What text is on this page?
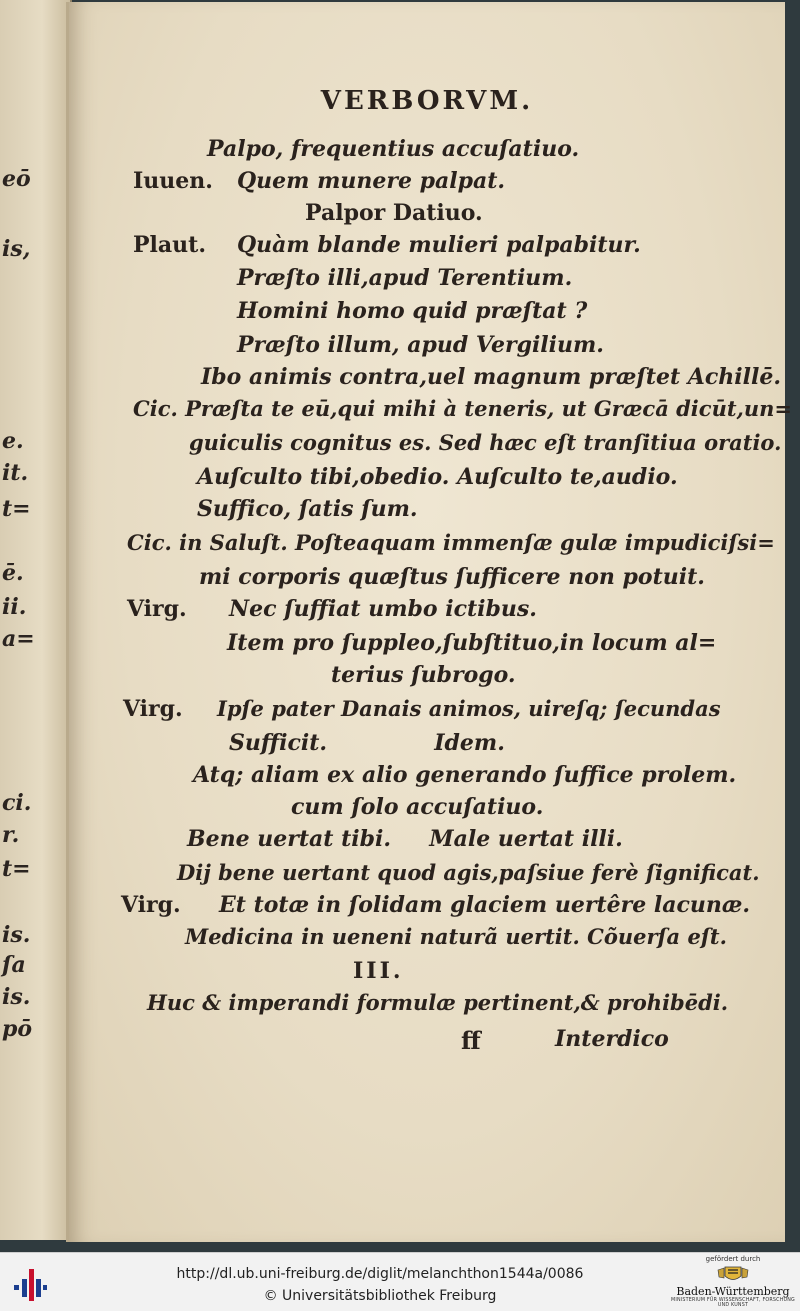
eō
is,
e.
it.
t=
ē.
ii.
a=
ci.
r.
t=
is.
ſa
is.
pō
VERBORVM.
Palpo, frequentius accuſatiuo.
Iuuen. Quem munere palpat.
Palpor Datiuo.
Plaut. Quàm blande mulieri palpabitur.
Præſto illi,apud Terentium.
Homini homo quid præſtat ?
Præſto illum, apud Vergilium.
Ibo animis contra,uel magnum præſtet Achillē.
Cic. Præſta te eū,qui mihi à teneris, ut Græcā dicūt,un=
guiculis cognitus es. Sed hæc eſt tranſitiua oratio.
Auſculto tibi,obedio. Auſculto te,audio.
Suffico, ſatis ſum.
Cic. in Saluſt. Poſteaquam immenſæ gulæ impudiciſsi=
mi corporis quæſtus ſufficere non potuit.
Virg. Nec ſuffiat umbo ictibus.
Item pro ſuppleo,ſubſtituo,in locum al=
terius ſubrogo.
Virg. Ipſe pater Danais animos, uireſq; ſecundas
Sufficit.              Idem.
Atq; aliam ex alio generando ſuffice prolem.
cum ſolo accuſatiuo.
Bene uertat tibi.     Male uertat illi.
Dij bene uertant quod agis,paſsiue ferè ſignificat.
Virg. Et totæ in ſolidam glaciem uertêre lacunæ.
Medicina in ueneni naturã uertit. Cõuerſa eſt.
III.
Huc & imperandi formulæ pertinent,& prohibēdi.
ff	Interdico
http://dl.ub.uni-freiburg.de/diglit/melanchthon1544a/0086
© Universitätsbibliothek Freiburg
gefördert durch
Baden-Württemberg
MINISTERIUM FÜR WISSENSCHAFT, FORSCHUNG UND KUNST
